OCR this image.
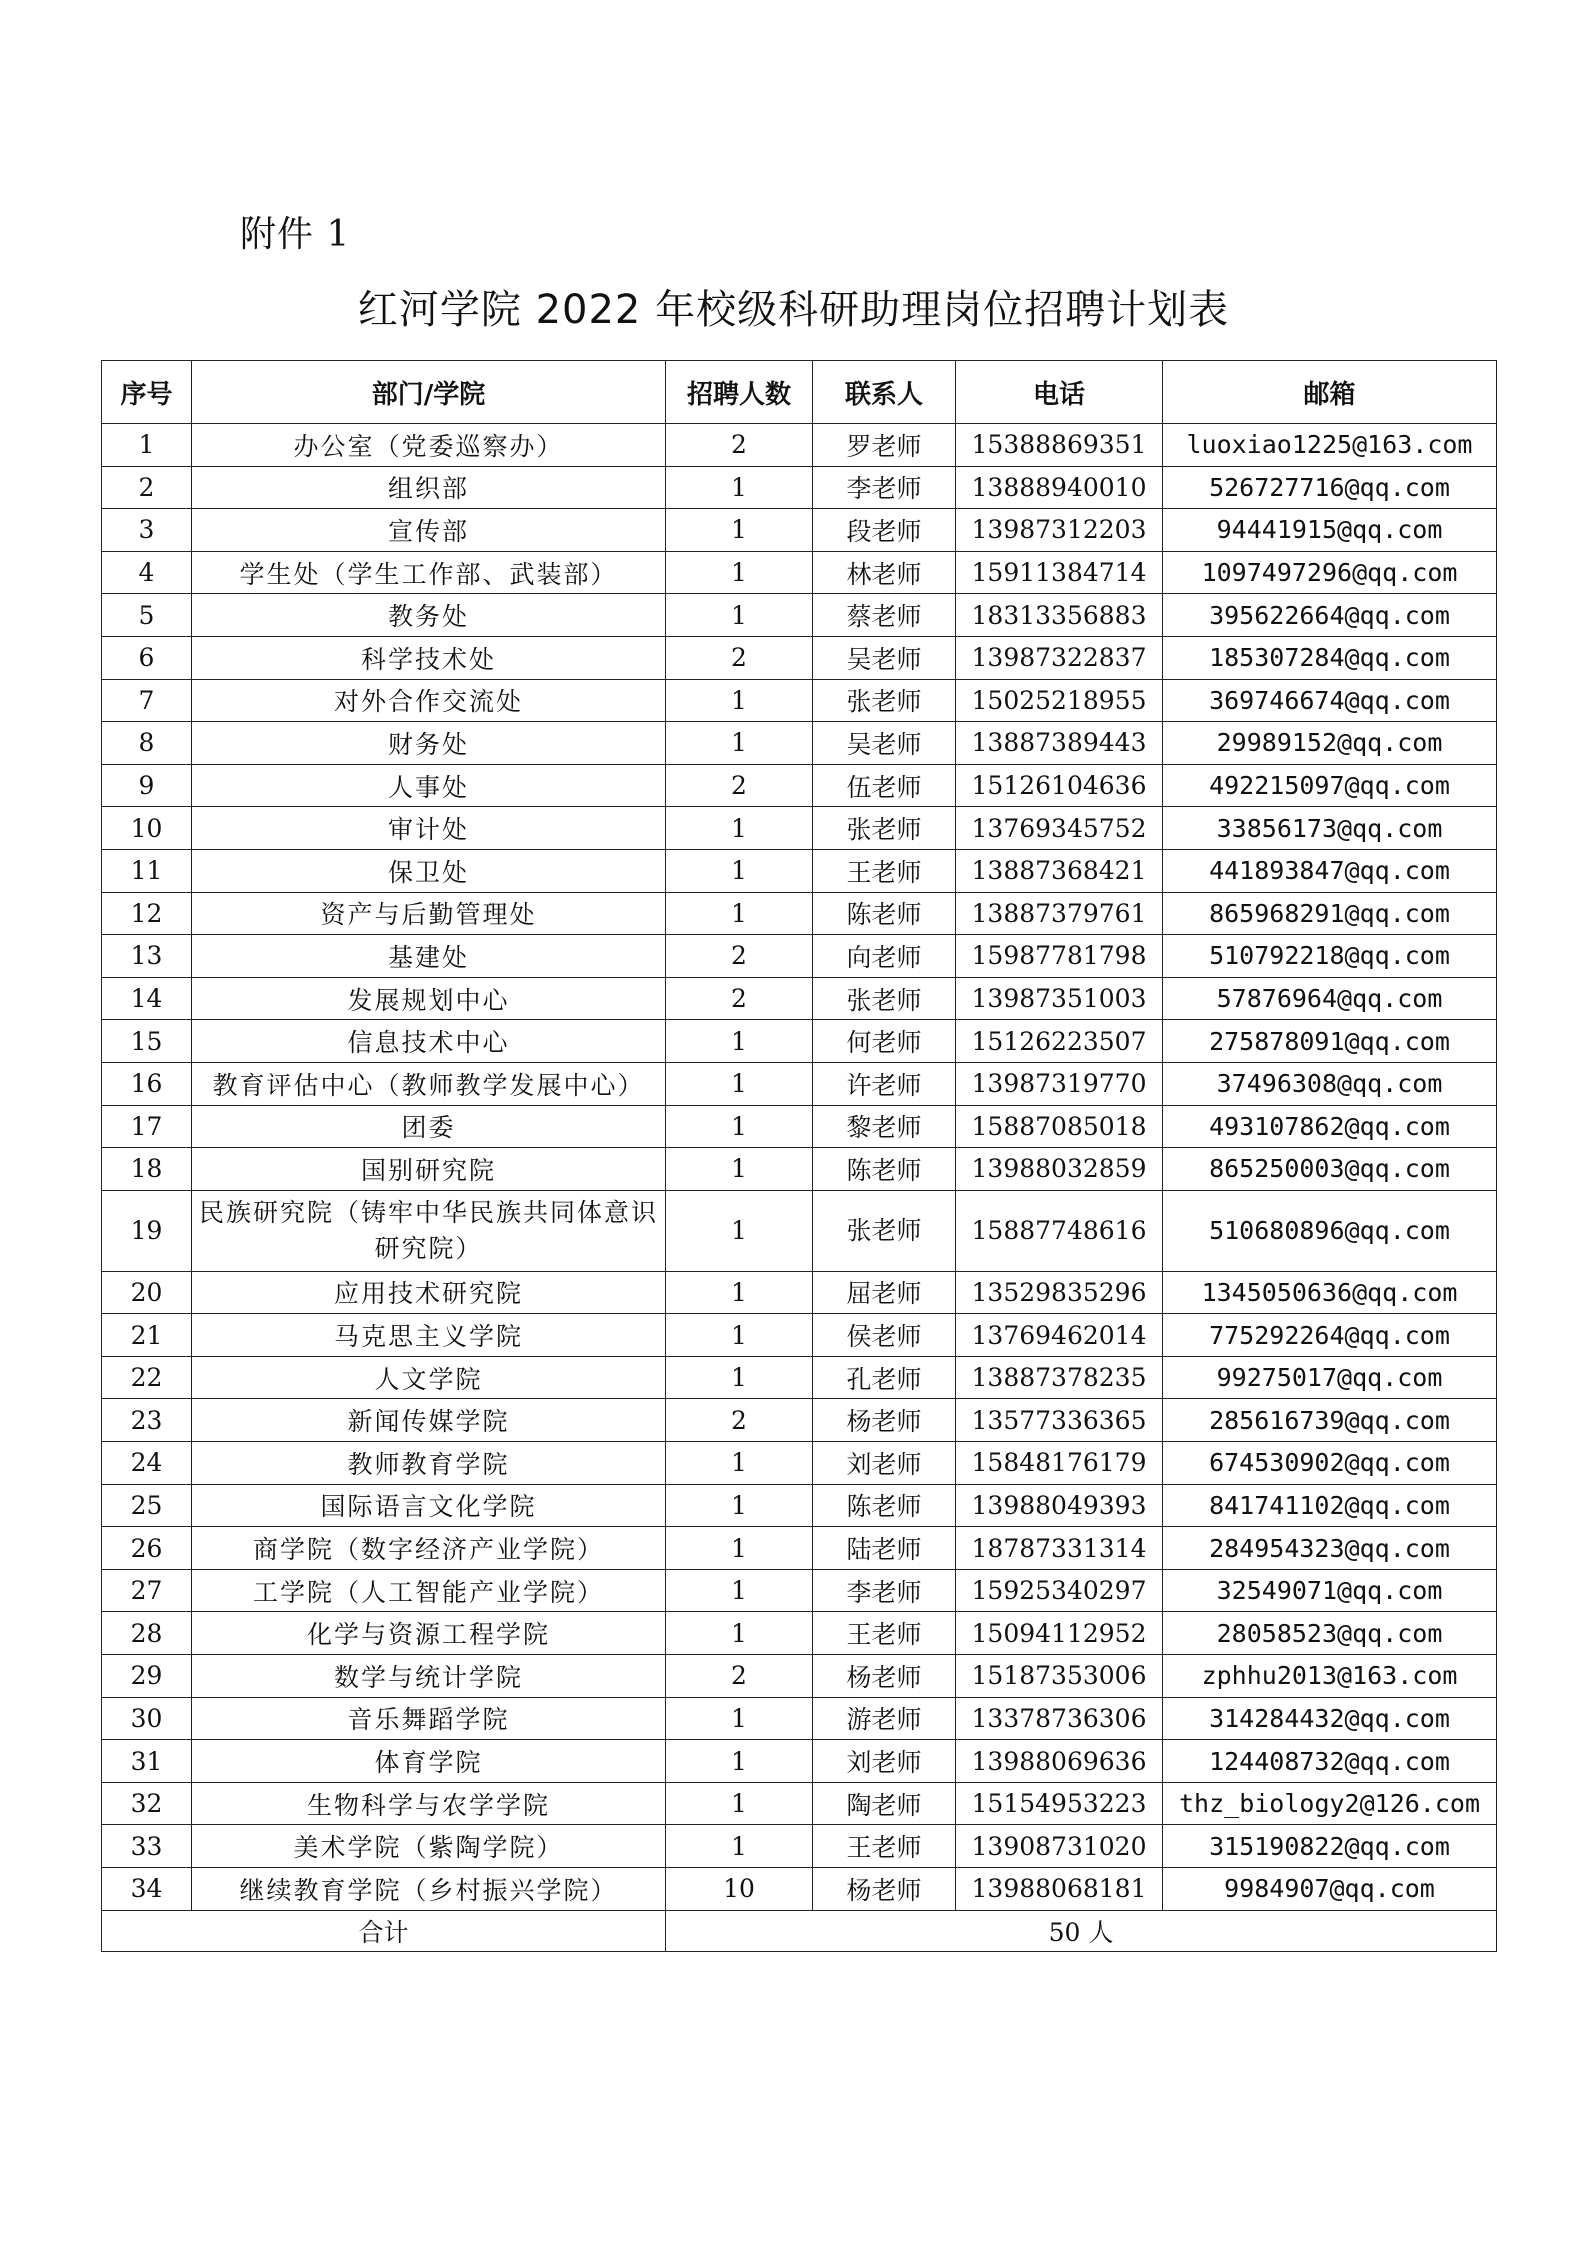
附件 1
红河学院 2022 年校级科研助理岗位招聘计划表
序号	部门/学院	招聘人数	联系人	电话	邮箱
1	办公室（党委巡察办）	2	罗老师	15388869351	luoxiao1225@163.com
2	组织部	1	李老师	13888940010	526727716@qq.com
3	宣传部	1	段老师	13987312203	94441915@qq.com
4	学生处（学生工作部、武装部）	1	林老师	15911384714	1097497296@qq.com
5	教务处	1	蔡老师	18313356883	395622664@qq.com
6	科学技术处	2	吴老师	13987322837	185307284@qq.com
7	对外合作交流处	1	张老师	15025218955	369746674@qq.com
8	财务处	1	吴老师	13887389443	29989152@qq.com
9	人事处	2	伍老师	15126104636	492215097@qq.com
10	审计处	1	张老师	13769345752	33856173@qq.com
11	保卫处	1	王老师	13887368421	441893847@qq.com
12	资产与后勤管理处	1	陈老师	13887379761	865968291@qq.com
13	基建处	2	向老师	15987781798	510792218@qq.com
14	发展规划中心	2	张老师	13987351003	57876964@qq.com
15	信息技术中心	1	何老师	15126223507	275878091@qq.com
16	教育评估中心（教师教学发展中心）	1	许老师	13987319770	37496308@qq.com
17	团委	1	黎老师	15887085018	493107862@qq.com
18	国别研究院	1	陈老师	13988032859	865250003@qq.com
19	民族研究院（铸牢中华民族共同体意识研究院）	1	张老师	15887748616	510680896@qq.com
20	应用技术研究院	1	屈老师	13529835296	1345050636@qq.com
21	马克思主义学院	1	侯老师	13769462014	775292264@qq.com
22	人文学院	1	孔老师	13887378235	99275017@qq.com
23	新闻传媒学院	2	杨老师	13577336365	285616739@qq.com
24	教师教育学院	1	刘老师	15848176179	674530902@qq.com
25	国际语言文化学院	1	陈老师	13988049393	841741102@qq.com
26	商学院（数字经济产业学院）	1	陆老师	18787331314	284954323@qq.com
27	工学院（人工智能产业学院）	1	李老师	15925340297	32549071@qq.com
28	化学与资源工程学院	1	王老师	15094112952	28058523@qq.com
29	数学与统计学院	2	杨老师	15187353006	zphhu2013@163.com
30	音乐舞蹈学院	1	游老师	13378736306	314284432@qq.com
31	体育学院	1	刘老师	13988069636	124408732@qq.com
32	生物科学与农学学院	1	陶老师	15154953223	thz_biology2@126.com
33	美术学院（紫陶学院）	1	王老师	13908731020	315190822@qq.com
34	继续教育学院（乡村振兴学院）	10	杨老师	13988068181	9984907@qq.com
合计		50 人			
